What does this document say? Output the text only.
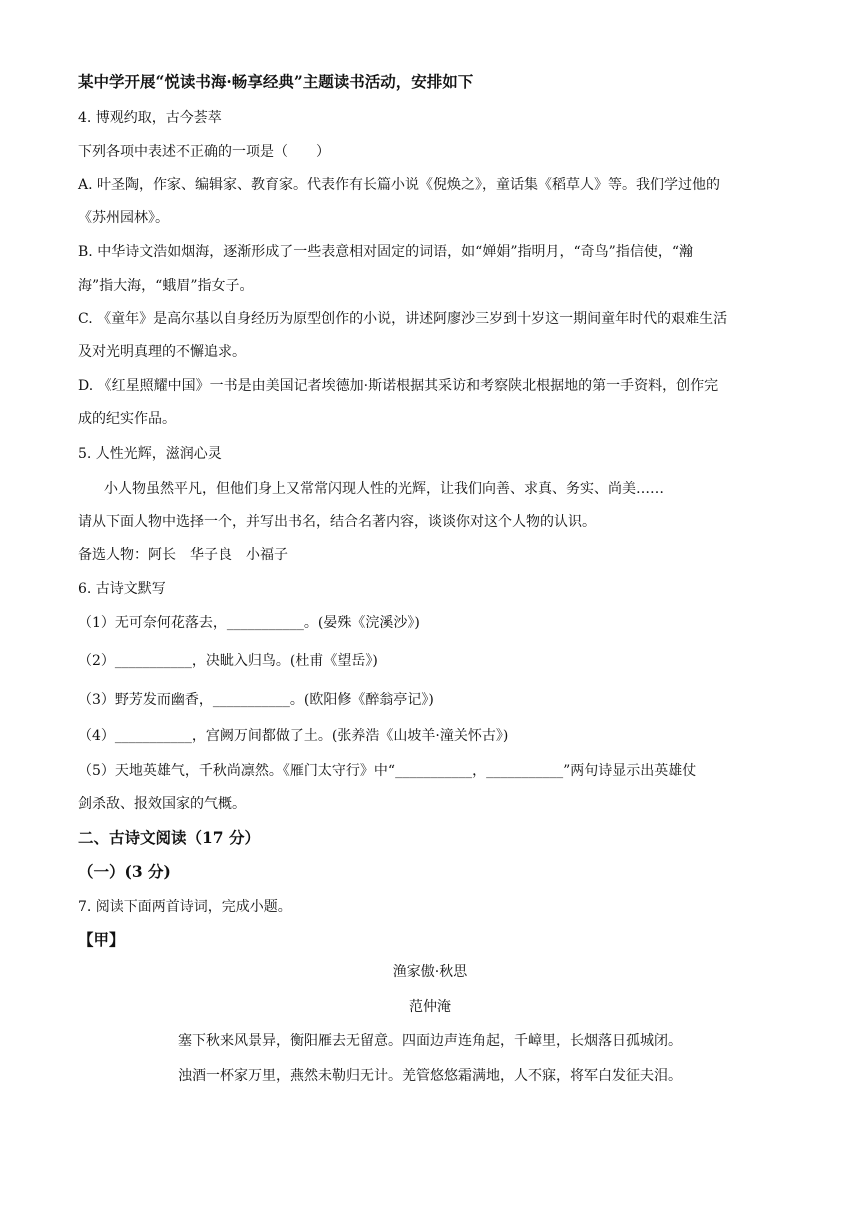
某中学开展“悦读书海·畅享经典”主题读书活动，安排如下
4. 博观约取，古今荟萃
下列各项中表述不正确的一项是（　　）
A. 叶圣陶，作家、编辑家、教育家。代表作有长篇小说《倪焕之》，童话集《稻草人》等。我们学过他的
《苏州园林》。
B. 中华诗文浩如烟海，逐渐形成了一些表意相对固定的词语，如“婵娟”指明月，“奇鸟”指信使，“瀚
海”指大海，“蛾眉”指女子。
C. 《童年》是高尔基以自身经历为原型创作的小说，讲述阿廖沙三岁到十岁这一期间童年时代的艰难生活
及对光明真理的不懈追求。
D. 《红星照耀中国》一书是由美国记者埃德加·斯诺根据其采访和考察陕北根据地的第一手资料，创作完
成的纪实作品。
5. 人性光辉，滋润心灵
小人物虽然平凡，但他们身上又常常闪现人性的光辉，让我们向善、求真、务实、尚美……
请从下面人物中选择一个，并写出书名，结合名著内容，谈谈你对这个人物的认识。
备选人物：阿长　华子良　小福子
6. 古诗文默写
（1）无可奈何花落去，___________。(晏殊《浣溪沙》)
（2）___________，决眦入归鸟。(杜甫《望岳》)
（3）野芳发而幽香，___________。(欧阳修《醉翁亭记》)
（4）___________，宫阙万间都做了土。(张养浩《山坡羊·潼关怀古》)
（5）天地英雄气，千秋尚凛然。《雁门太守行》中“___________，___________”两句诗显示出英雄仗
剑杀敌、报效国家的气概。
二、古诗文阅读（17 分）
（一）(3 分)
7. 阅读下面两首诗词，完成小题。
【甲】
渔家傲·秋思
范仲淹
塞下秋来风景异，衡阳雁去无留意。四面边声连角起，千嶂里，长烟落日孤城闭。
浊酒一杯家万里，燕然未勒归无计。羌管悠悠霜满地，人不寐，将军白发征夫泪。
